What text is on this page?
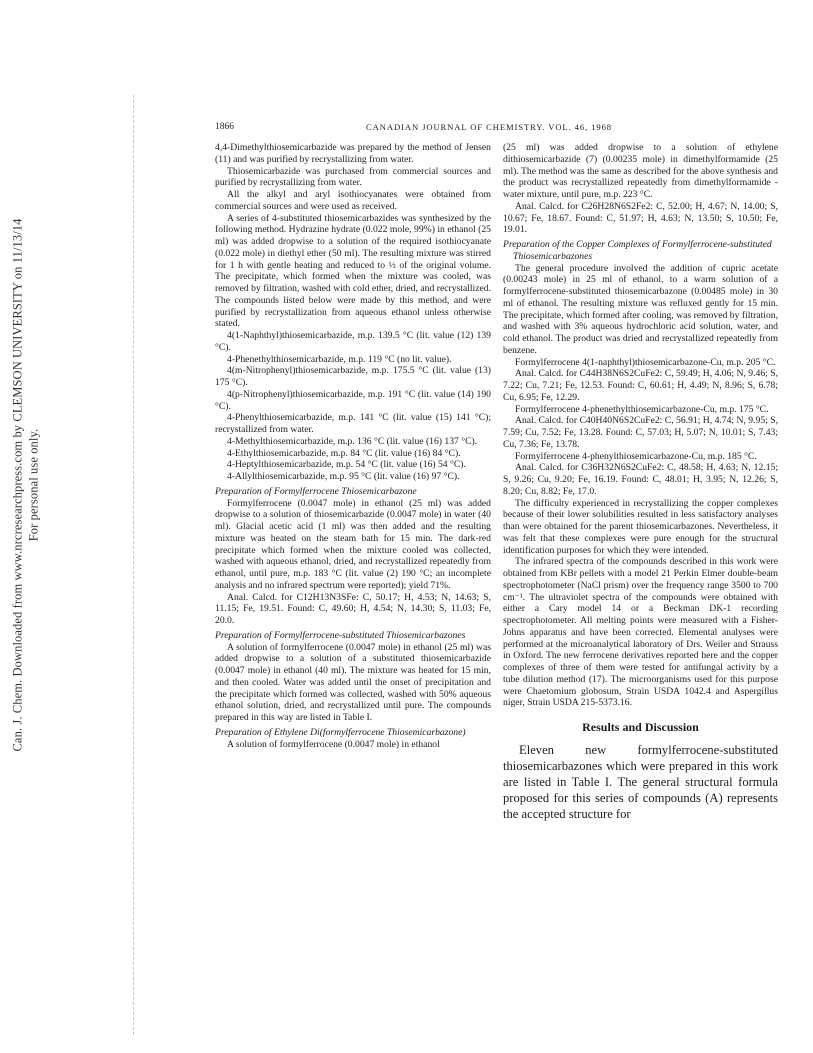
Can. J. Chem. Downloaded from www.nrcresearchpress.com by CLEMSON UNIVERSITY on 11/13/14 For personal use only.
1866	CANADIAN JOURNAL OF CHEMISTRY. VOL. 46, 1968

4,4-Dimethylthiosemicarbazide was prepared by the method of Jensen (11) and was purified by recrystallizing from water.

Thiosemicarbazide was purchased from commercial sources and purified by recrystallizing from water.

All the alkyl and aryl isothiocyanates were obtained from commercial sources and were used as received.

A series of 4-substituted thiosemicarbazides was synthesized by the following method. Hydrazine hydrate (0.022 mole, 99%) in ethanol (25 ml) was added dropwise to a solution of the required isothiocyanate (0.022 mole) in diethyl ether (50 ml). The resulting mixture was stirred for 1 h with gentle heating and reduced to ½ of the original volume. The precipitate, which formed when the mixture was cooled, was removed by filtration, washed with cold ether, dried, and recrystallized. The compounds listed below were made by this method, and were purified by recrystallization from aqueous ethanol unless otherwise stated.

4(1-Naphthyl)thiosemicarbazide, m.p. 139.5 °C (lit. value (12) 139 °C).

4-Phenethylthiosemicarbazide, m.p. 119 °C (no lit. value).

4(m-Nitrophenyl)thiosemicarbazide, m.p. 175.5 °C (lit. value (13) 175 °C).

4(p-Nitrophenyl)thiosemicarbazide, m.p. 191 °C (lit. value (14) 190 °C).

4-Phenylthiosemicarbazide, m.p. 141 °C (lit. value (15) 141 °C); recrystallized from water.

4-Methylthiosemicarbazide, m.p. 136 °C (lit. value (16) 137 °C).

4-Ethylthiosemicarbazide, m.p. 84 °C (lit. value (16) 84 °C).

4-Heptylthiosemicarbazide, m.p. 54 °C (lit. value (16) 54 °C).

4-Allylthiosemicarbazide, m.p. 95 °C (lit. value (16) 97 °C).

Preparation of Formylferrocene Thiosemicarbazone

Formylferrocene (0.0047 mole) in ethanol (25 ml) was added dropwise to a solution of thiosemicarbazide (0.0047 mole) in water (40 ml). Glacial acetic acid (1 ml) was then added and the resulting mixture was heated on the steam bath for 15 min. The dark-red precipitate which formed when the mixture cooled was collected, washed with aqueous ethanol, dried, and recrystallized repeatedly from ethanol, until pure, m.p. 183 °C (lit. value (2) 190 °C; an incomplete analysis and no infrared spectrum were reported); yield 71%.

Anal. Calcd. for C12H13N3SFe: C, 50.17; H, 4.53; N, 14.63; S, 11.15; Fe, 19.51. Found: C, 49.60; H, 4.54; N, 14.30; S, 11.03; Fe, 20.0.

Preparation of Formylferrocene-substituted Thiosemicarbazones

A solution of formylferrocene (0.0047 mole) in ethanol (25 ml) was added dropwise to a solution of a substituted thiosemicarbazide (0.0047 mole) in ethanol (40 ml). The mixture was heated for 15 min, and then cooled. Water was added until the onset of precipitation and the precipitate which formed was collected, washed with 50% aqueous ethanol solution, dried, and recrystallized until pure. The compounds prepared in this way are listed in Table I.

Preparation of Ethylene Di(formylferrocene Thiosemicarbazone)

A solution of formylferrocene (0.0047 mole) in ethanol

(25 ml) was added dropwise to a solution of ethylene dithiosemicarbazide (7) (0.00235 mole) in dimethylformamide (25 ml). The method was the same as described for the above synthesis and the product was recrystallized repeatedly from dimethylformamide - water mixture, until pure, m.p. 223 °C.

Anal. Calcd. for C26H28N6S2Fe2: C, 52.00; H, 4.67; N, 14.00; S, 10.67; Fe, 18.67. Found: C, 51.97; H, 4.63; N, 13.50; S, 10.50; Fe, 19.01.

Preparation of the Copper Complexes of Formylferrocene-substituted Thiosemicarbazones

The general procedure involved the addition of cupric acetate (0.00243 mole) in 25 ml of ethanol, to a warm solution of a formylferrocene-substituted thiosemicarbazone (0.00485 mole) in 30 ml of ethanol. The resulting mixture was refluxed gently for 15 min. The precipitate, which formed after cooling, was removed by filtration, and washed with 3% aqueous hydrochloric acid solution, water, and cold ethanol. The product was dried and recrystallized repeatedly from benzene.

Formylferrocene 4(1-naphthyl)thiosemicarbazone-Cu, m.p. 205 °C.

Anal. Calcd. for C44H38N6S2CuFe2: C, 59.49; H, 4.06; N, 9.46; S, 7.22; Cu, 7.21; Fe, 12.53. Found: C, 60.61; H, 4.49; N, 8.96; S, 6.78; Cu, 6.95; Fe, 12.29.

Formylferrocene 4-phenethylthiosemicarbazone-Cu, m.p. 175 °C.

Anal. Calcd. for C40H40N6S2CuFe2: C, 56.91; H, 4.74; N, 9.95; S, 7.59; Cu, 7.52; Fe, 13.28. Found: C, 57.03; H, 5.07; N, 10.01; S, 7.43; Cu, 7.36; Fe, 13.78.

Formylferrocene 4-phenylthiosemicarbazone-Cu, m.p. 185 °C.

Anal. Calcd. for C36H32N6S2CuFe2: C, 48.58; H, 4.63; N, 12.15; S, 9.26; Cu, 9.20; Fe, 16.19. Found: C, 48.01; H, 3.95; N, 12.26; S, 8.20; Cu, 8.82; Fe, 17.0.

The difficulty experienced in recrystallizing the copper complexes because of their lower solubilities resulted in less satisfactory analyses than were obtained for the parent thiosemicarbazones. Nevertheless, it was felt that these complexes were pure enough for the structural identification purposes for which they were intended.

The infrared spectra of the compounds described in this work were obtained from KBr pellets with a model 21 Perkin Elmer double-beam spectrophotometer (NaCl prism) over the frequency range 3500 to 700 cm⁻¹. The ultraviolet spectra of the compounds were obtained with either a Cary model 14 or a Beckman DK-1 recording spectrophotometer. All melting points were measured with a Fisher-Johns apparatus and have been corrected. Elemental analyses were performed at the microanalytical laboratory of Drs. Weiler and Strauss in Oxford. The new ferrocene derivatives reported here and the copper complexes of three of them were tested for antifungal activity by a tube dilution method (17). The microorganisms used for this purpose were Chaetomium globosum, Strain USDA 1042.4 and Aspergillus niger, Strain USDA 215-5373.16.

Results and Discussion

Eleven new formylferrocene-substituted thiosemicarbazones which were prepared in this work are listed in Table I. The general structural formula proposed for this series of compounds (A) represents the accepted structure for
